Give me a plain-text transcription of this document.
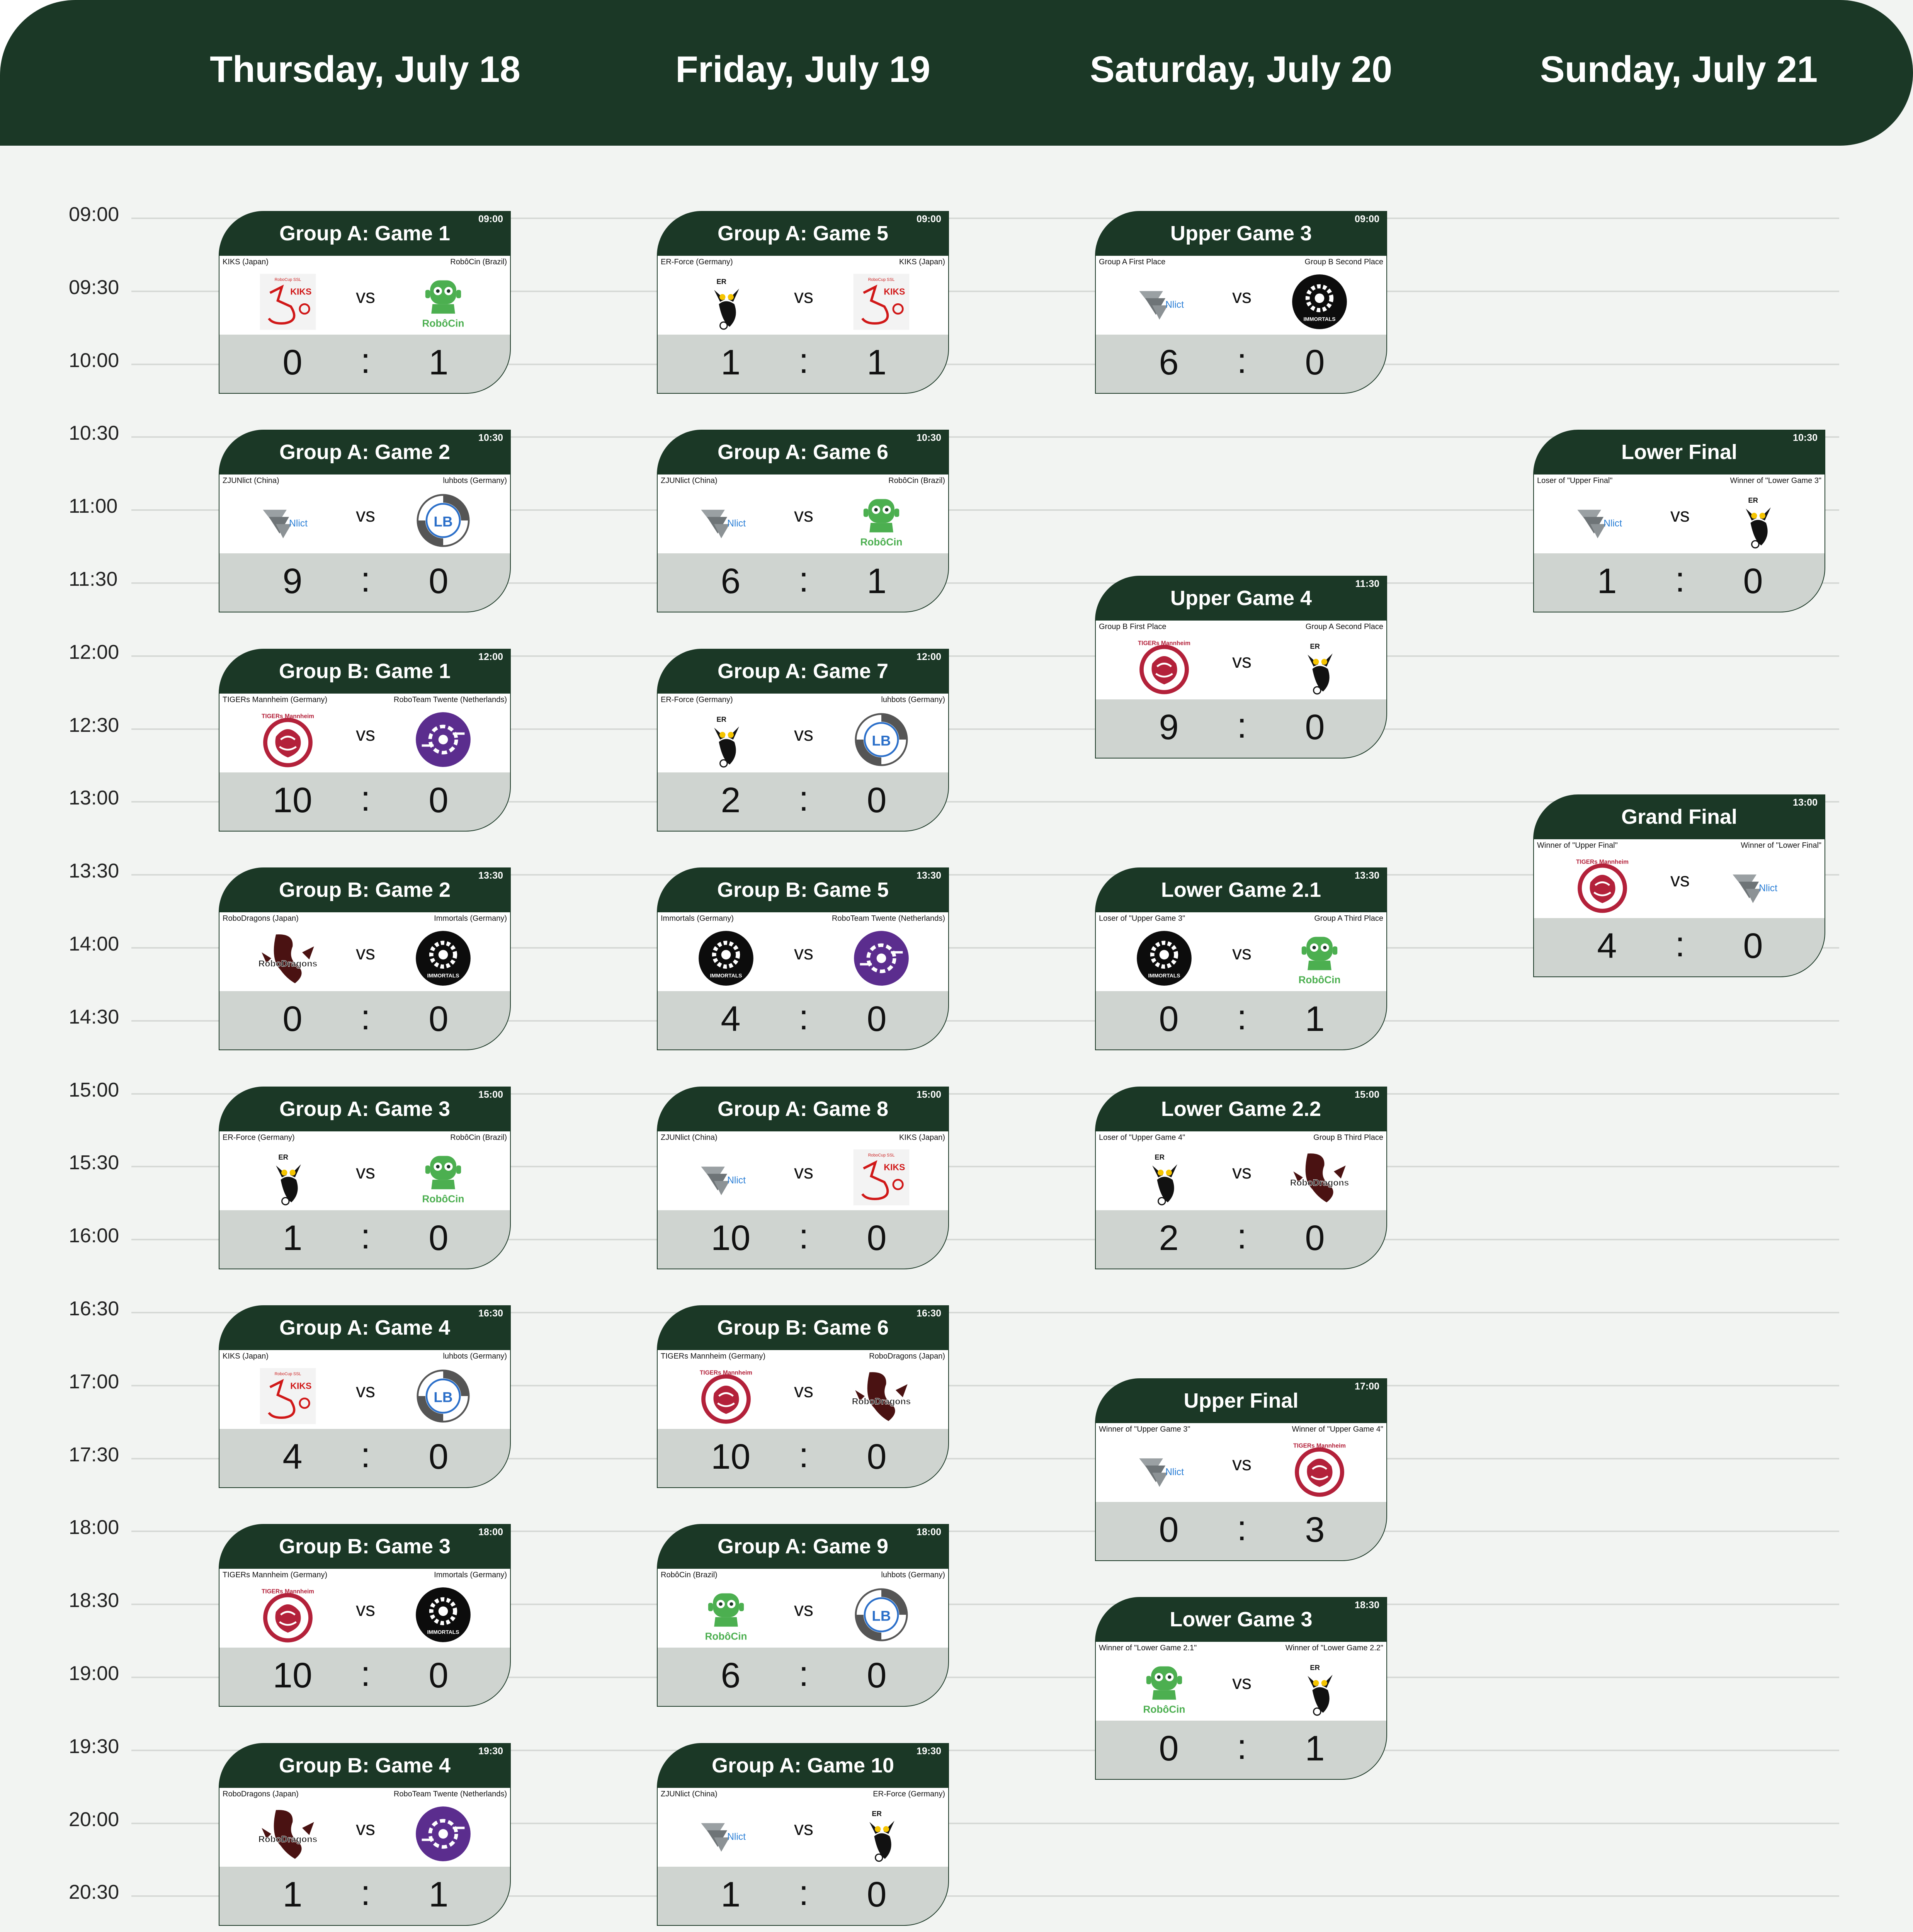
Thursday, July 18	Friday, July 19	Saturday, July 20	Sunday, July 21
09:00
09:30
10:00
10:30
11:00
11:30
12:00
12:30
13:00
13:30
14:00
14:30
15:00
15:30
16:00
16:30
17:00
17:30
18:00
18:30
19:00
19:30
20:00
20:30
Group A: Game 1
09:00
KIKS (Japan)	RobôCin (Brazil)
RoboCup SSL
KIKS	vs
RobôCin
0	:	1
Group A: Game 2
10:30
ZJUNlict (China)	luhbots (Germany)
Nlict	vs	LB
9	:	0
Group B: Game 1
12:00
TIGERs Mannheim (Germany)	RoboTeam Twente (Netherlands)
TIGERs Mannheim
vs
10 :	0
Group B: Game 2
13:30
RoboDragons (Japan)	Immortals (Germany)
RoboDragons	vs
IMMORTALS
0	:	0
Group A: Game 3
15:00
ER-Force (Germany)	RobôCin (Brazil)
ER
vs
RobôCin
1	:	0
Group A: Game 4
16:30
KIKS (Japan)	luhbots (Germany)
RoboCup SSL
KIKS	vs	LB
4	:	0
Group B: Game 3
18:00
TIGERs Mannheim (Germany)	Immortals (Germany)
TIGERs Mannheim
vs
IMMORTALS
10 :	0
Group B: Game 4
19:30
RoboDragons (Japan)	RoboTeam Twente (Netherlands)
RoboDragons	vs
1	:	1
Group A: Game 5
09:00
ER-Force (Germany)	KIKS (Japan)
ER
vs
RoboCup SSL
KIKS
1	:	1
Group A: Game 6
10:30
ZJUNlict (China)	RobôCin (Brazil)
Nlict	vs
RobôCin
6	:	1
Group A: Game 7
12:00
ER-Force (Germany)	luhbots (Germany)
ER
vs	LB
2	:	0
Group B: Game 5
13:30
Immortals (Germany)	RoboTeam Twente (Netherlands)
IMMORTALS
vs
4	:	0
Group A: Game 8
15:00
ZJUNlict (China)	KIKS (Japan)
Nlict	vs
RoboCup SSL
KIKS
10 :	0
Group B: Game 6
16:30
TIGERs Mannheim (Germany)	RoboDragons (Japan)
TIGERs Mannheim
vs	RoboDragons
10 :	0
Group A: Game 9
18:00
RobôCin (Brazil)	luhbots (Germany)
RobôCin
vs	LB
6	:	0
Group A: Game 10
19:30
ZJUNlict (China)	ER-Force (Germany)
Nlict	vs
ER
1	:	0
Upper Game 3
09:00
Group A First Place	Group B Second Place
Nlict	vs
IMMORTALS
6	:	0
Upper Game 4
11:30
Group B First Place	Group A Second Place
TIGERs Mannheim
vs
ER
9	:	0
Lower Game 2.1
13:30
Loser of "Upper Game 3"	Group A Third Place
IMMORTALS
vs
RobôCin
0	:	1
Lower Game 2.2
15:00
Loser of "Upper Game 4"	Group B Third Place
ER
vs	RoboDragons
2	:	0
Upper Final
17:00
Winner of "Upper Game 3"	Winner of "Upper Game 4"
Nlict	vs
TIGERs Mannheim
0	:	3
Lower Game 3
18:30
Winner of "Lower Game 2.1"	Winner of "Lower Game 2.2"
RobôCin
vs
ER
0	:	1
Lower Final
10:30
Loser of "Upper Final"	Winner of "Lower Game 3"
Nlict	vs
ER
1	:	0
Grand Final
13:00
Winner of "Upper Final"	Winner of "Lower Final"
TIGERs Mannheim
vs	Nlict
4	:	0
